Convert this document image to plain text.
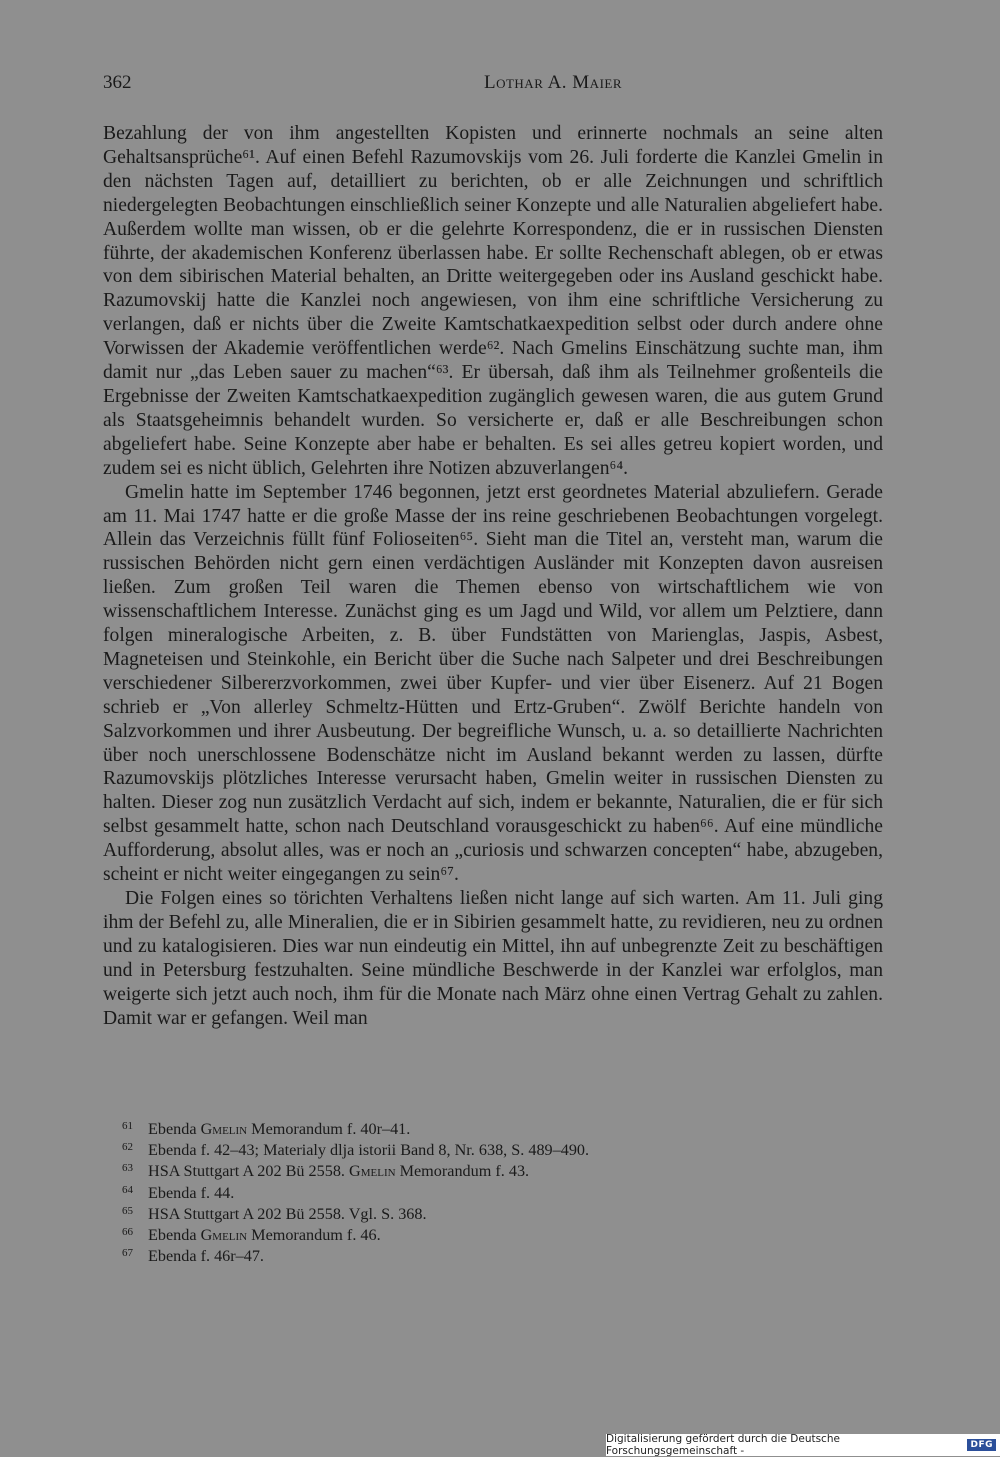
362	Lothar A. Maier

Bezahlung der von ihm angestellten Kopisten und erinnerte nochmals an seine alten Gehaltsansprüche⁶¹. Auf einen Befehl Razumovskijs vom 26. Juli forderte die Kanzlei Gmelin in den nächsten Tagen auf, detailliert zu berichten, ob er alle Zeichnungen und schriftlich niedergelegten Beobachtungen einschließlich seiner Konzepte und alle Naturalien abgeliefert habe. Außerdem wollte man wissen, ob er die gelehrte Korrespondenz, die er in russischen Diensten führte, der akademischen Konferenz überlassen habe. Er sollte Rechenschaft ablegen, ob er etwas von dem sibirischen Material behalten, an Dritte weitergegeben oder ins Ausland geschickt habe. Razumovskij hatte die Kanzlei noch angewiesen, von ihm eine schriftliche Versicherung zu verlangen, daß er nichts über die Zweite Kamtschatkaexpedition selbst oder durch andere ohne Vorwissen der Akademie veröffentlichen werde⁶². Nach Gmelins Einschätzung suchte man, ihm damit nur „das Leben sauer zu machen“⁶³. Er übersah, daß ihm als Teilnehmer großenteils die Ergebnisse der Zweiten Kamtschatkaexpedition zugänglich gewesen waren, die aus gutem Grund als Staatsgeheimnis behandelt wurden. So versicherte er, daß er alle Beschreibungen schon abgeliefert habe. Seine Konzepte aber habe er behalten. Es sei alles getreu kopiert worden, und zudem sei es nicht üblich, Gelehrten ihre Notizen abzuverlangen⁶⁴.

Gmelin hatte im September 1746 begonnen, jetzt erst geordnetes Material abzuliefern. Gerade am 11. Mai 1747 hatte er die große Masse der ins reine geschriebenen Beobachtungen vorgelegt. Allein das Verzeichnis füllt fünf Folioseiten⁶⁵. Sieht man die Titel an, versteht man, warum die russischen Behörden nicht gern einen verdächtigen Ausländer mit Konzepten davon ausreisen ließen. Zum großen Teil waren die Themen ebenso von wirtschaftlichem wie von wissenschaftlichem Interesse. Zunächst ging es um Jagd und Wild, vor allem um Pelztiere, dann folgen mineralogische Arbeiten, z. B. über Fundstätten von Marienglas, Jaspis, Asbest, Magneteisen und Steinkohle, ein Bericht über die Suche nach Salpeter und drei Beschreibungen verschiedener Silbererzvorkommen, zwei über Kupfer- und vier über Eisenerz. Auf 21 Bogen schrieb er „Von allerley Schmeltz-Hütten und Ertz-Gruben“. Zwölf Berichte handeln von Salzvorkommen und ihrer Ausbeutung. Der begreifliche Wunsch, u. a. so detaillierte Nachrichten über noch unerschlossene Bodenschätze nicht im Ausland bekannt werden zu lassen, dürfte Razumovskijs plötzliches Interesse verursacht haben, Gmelin weiter in russischen Diensten zu halten. Dieser zog nun zusätzlich Verdacht auf sich, indem er bekannte, Naturalien, die er für sich selbst gesammelt hatte, schon nach Deutschland vorausgeschickt zu haben⁶⁶. Auf eine mündliche Aufforderung, absolut alles, was er noch an „curiosis und schwarzen concepten“ habe, abzugeben, scheint er nicht weiter eingegangen zu sein⁶⁷.

Die Folgen eines so törichten Verhaltens ließen nicht lange auf sich warten. Am 11. Juli ging ihm der Befehl zu, alle Mineralien, die er in Sibirien gesammelt hatte, zu revidieren, neu zu ordnen und zu katalogisieren. Dies war nun eindeutig ein Mittel, ihn auf unbegrenzte Zeit zu beschäftigen und in Petersburg festzuhalten. Seine mündliche Beschwerde in der Kanzlei war erfolglos, man weigerte sich jetzt auch noch, ihm für die Monate nach März ohne einen Vertrag Gehalt zu zahlen. Damit war er gefangen. Weil man

61 Ebenda Gmelin Memorandum f. 40r–41.
62 Ebenda f. 42–43; Materialy dlja istorii Band 8, Nr. 638, S. 489–490.
63 HSA Stuttgart A 202 Bü 2558. Gmelin Memorandum f. 43.
64 Ebenda f. 44.
65 HSA Stuttgart A 202 Bü 2558. Vgl. S. 368.
66 Ebenda Gmelin Memorandum f. 46.
67 Ebenda f. 46r–47.
Digitalisierung gefördert durch die Deutsche Forschungsgemeinschaft -	DFG
